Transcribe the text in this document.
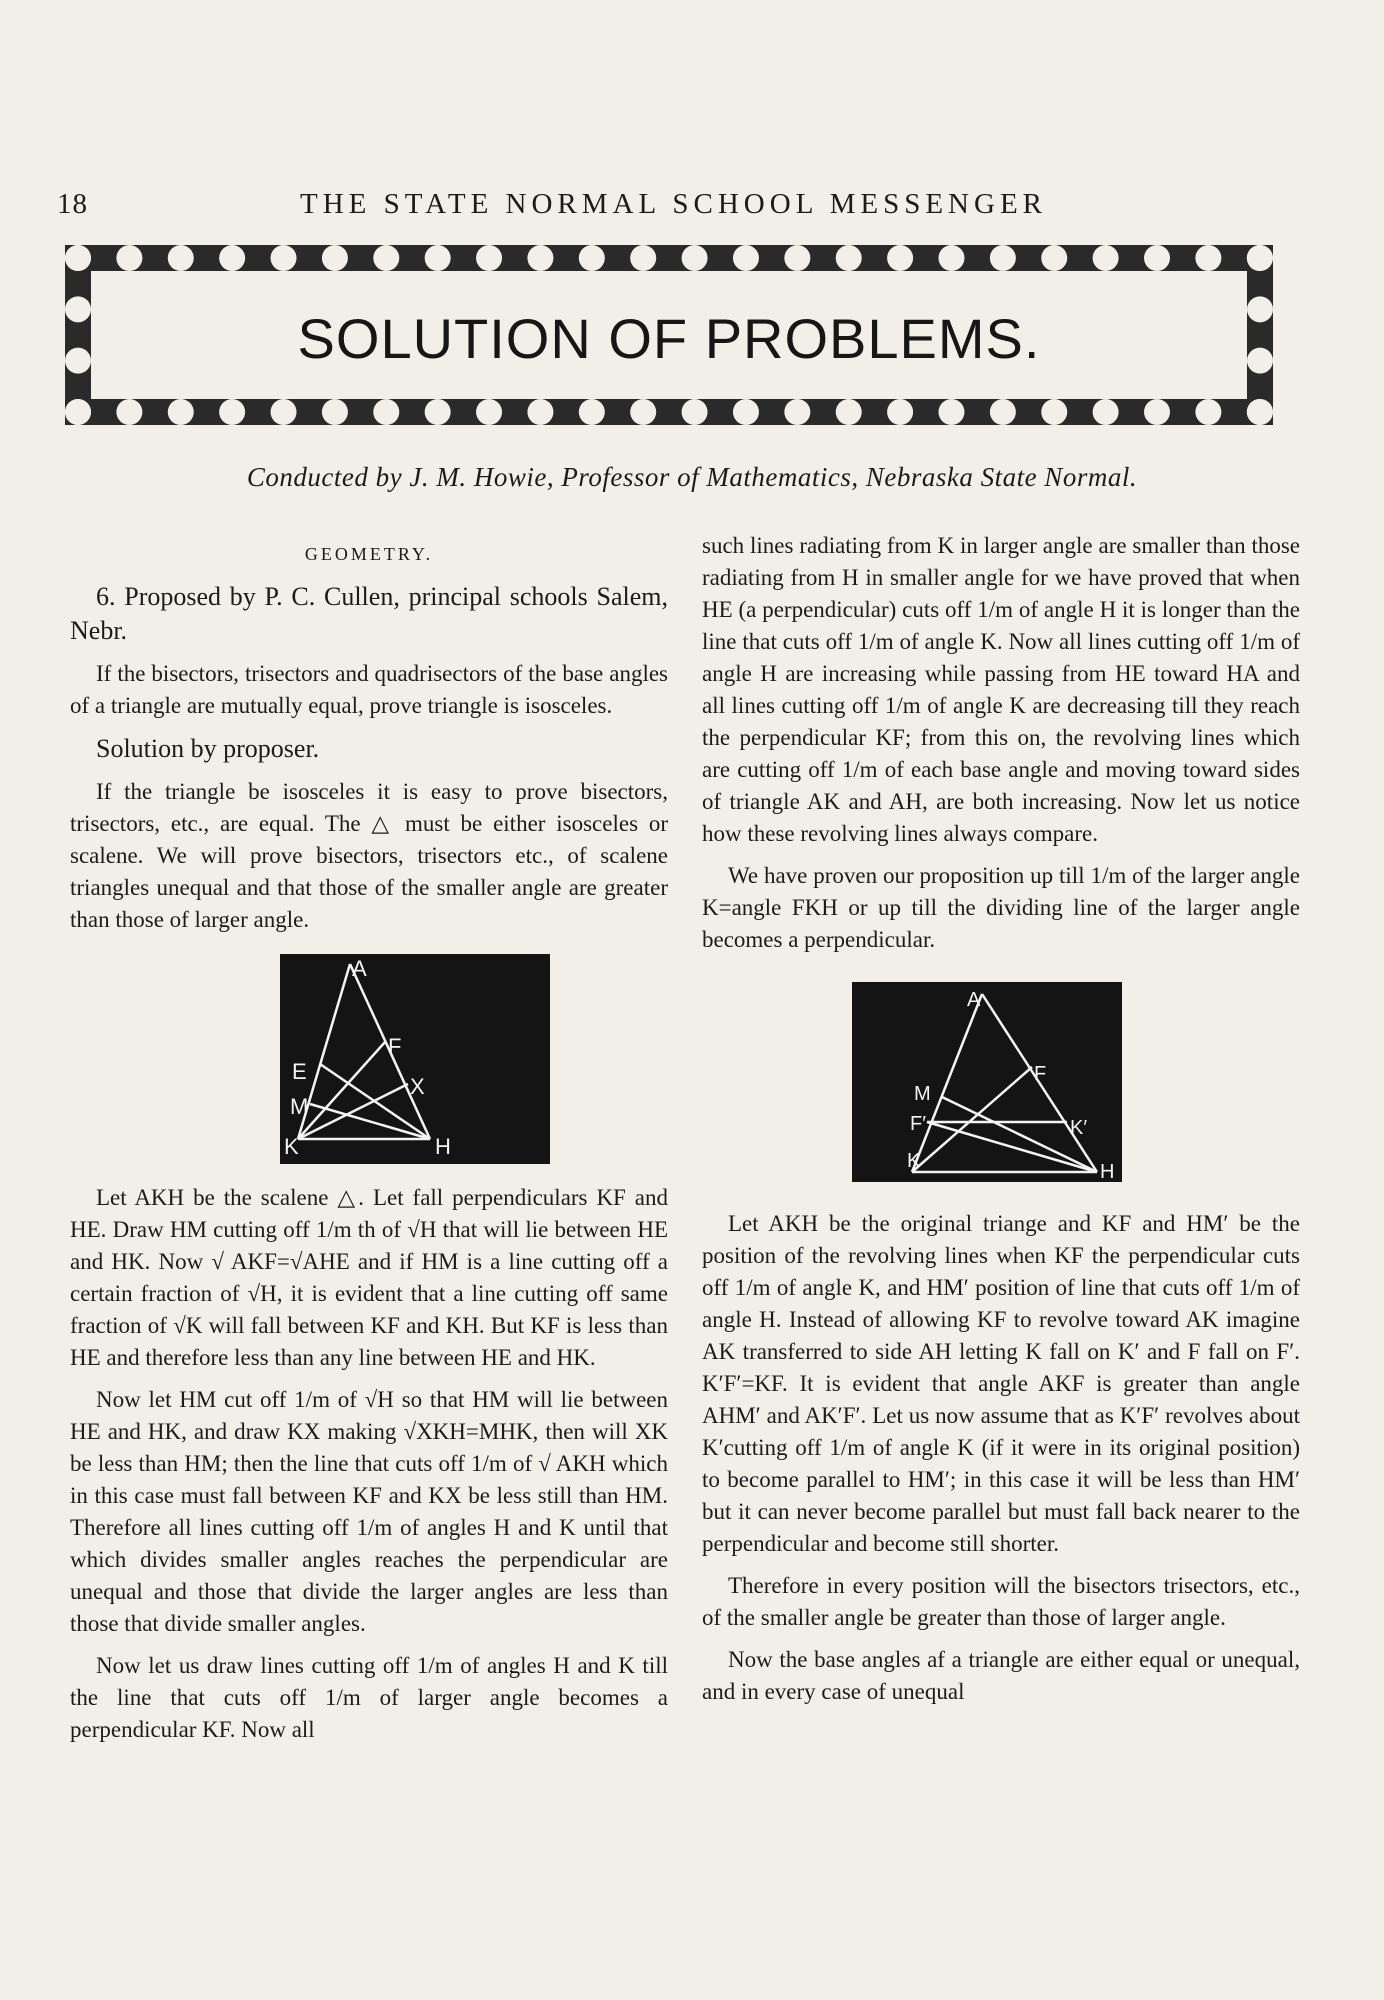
18	THE STATE NORMAL SCHOOL MESSENGER
SOLUTION OF PROBLEMS.
Conducted by J. M. Howie, Professor of Mathematics, Nebraska State Normal.
GEOMETRY.

6. Proposed by P. C. Cullen, principal schools Salem, Nebr.

If the bisectors, trisectors and quadrisectors of the base angles of a triangle are mutually equal, prove triangle is isosceles.

Solution by proposer.

If the triangle be isosceles it is easy to prove bisectors, trisectors, etc., are equal. The △ must be either isosceles or scalene. We will prove bisectors, trisectors etc., of scalene triangles unequal and that those of the smaller angle are greater than those of larger angle.

A
E
F
M
X
K	H

Let AKH be the scalene △. Let fall perpendiculars KF and HE. Draw HM cutting off 1/m th of √H that will lie between HE and HK. Now √ AKF=√AHE and if HM is a line cutting off a certain fraction of √H, it is evident that a line cutting off same fraction of √K will fall between KF and KH. But KF is less than HE and therefore less than any line between HE and HK.

Now let HM cut off 1/m of √H so that HM will lie between HE and HK, and draw KX making √XKH=MHK, then will XK be less than HM; then the line that cuts off 1/m of √ AKH which in this case must fall between KF and KX be less still than HM. Therefore all lines cutting off 1/m of angles H and K until that which divides smaller angles reaches the perpendicular are unequal and those that divide the larger angles are less than those that divide smaller angles.

Now let us draw lines cutting off 1/m of angles H and K till the line that cuts off 1/m of larger angle becomes a perpendicular KF. Now all

such lines radiating from K in larger angle are smaller than those radiating from H in smaller angle for we have proved that when HE (a perpendicular) cuts off 1/m of angle H it is longer than the line that cuts off 1/m of angle K. Now all lines cutting off 1/m of angle H are increasing while passing from HE toward HA and all lines cutting off 1/m of angle K are decreasing till they reach the perpendicular KF; from this on, the revolving lines which are cutting off 1/m of each base angle and moving toward sides of triangle AK and AH, are both increasing. Now let us notice how these revolving lines always compare.

We have proven our proposition up till 1/m of the larger angle K=angle FKH or up till the dividing line of the larger angle becomes a perpendicular.

A
M
F
F′	K′
K	H

Let AKH be the original triange and KF and HM′ be the position of the revolving lines when KF the perpendicular cuts off 1/m of angle K, and HM′ position of line that cuts off 1/m of angle H. Instead of allowing KF to revolve toward AK imagine AK transferred to side AH letting K fall on K′ and F fall on F′. K′F′=KF. It is evident that angle AKF is greater than angle AHM′ and AK′F′. Let us now assume that as K′F′ revolves about K′cutting off 1/m of angle K (if it were in its original position) to become parallel to HM′; in this case it will be less than HM′ but it can never become parallel but must fall back nearer to the perpendicular and become still shorter.

Therefore in every position will the bisectors trisectors, etc., of the smaller angle be greater than those of larger angle.

Now the base angles af a triangle are either equal or unequal, and in every case of unequal
